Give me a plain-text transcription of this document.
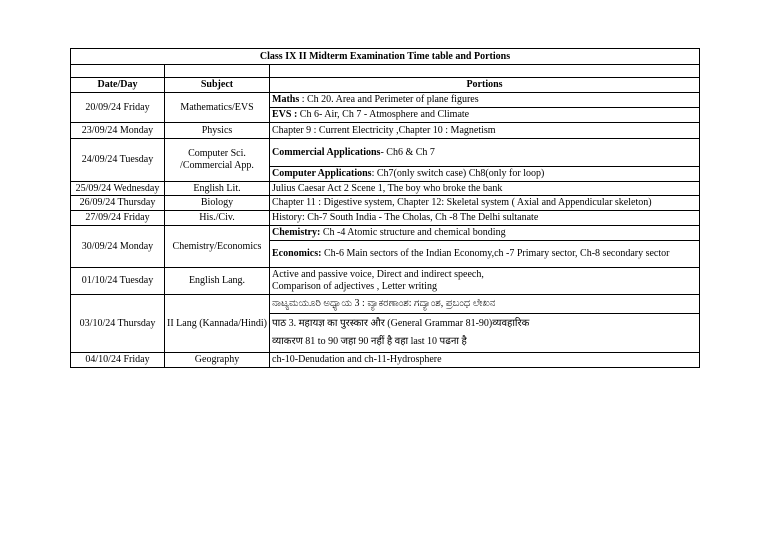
Class IX II Midterm Examination Time table and Portions		

Date/Day	Subject	Portions
20/09/24 Friday	Mathematics/EVS	Maths : Ch 20. Area and Perimeter of plane figures
		EVS : Ch 6- Air, Ch 7 - Atmosphere and Climate
23/09/24 Monday	Physics	Chapter 9 : Current Electricity ,Chapter 10 : Magnetism
24/09/24 Tuesday	Computer Sci. /Commercial App.	Commercial Applications- Ch6 & Ch 7
		Computer Applications: Ch7(only switch case) Ch8(only for loop)
25/09/24 Wednesday	English Lit.	Julius Caesar Act 2 Scene 1, The boy who broke the bank
26/09/24 Thursday	Biology	Chapter 11 : Digestive system, Chapter 12: Skeletal system ( Axial and Appendicular skeleton)
27/09/24 Friday	His./Civ.	History: Ch-7 South India - The Cholas, Ch -8 The Delhi sultanate
30/09/24 Monday	Chemistry/Economics	Chemistry: Ch -4 Atomic structure and chemical bonding
		Economics: Ch-6 Main sectors of the Indian Economy,ch -7 Primary sector, Ch-8 secondary sector
01/10/24 Tuesday	English Lang.	Active and passive voice, Direct and indirect speech,
Comparison of adjectives , Letter writing

03/10/24 Thursday	II Lang (Kannada/Hindi)	ನಾಟ್ಯಮಯೂರಿ ಅಧ್ಯಾಯ 3 : ವ್ಯಾಕರಣಾಂಶ: ಗದ್ಯಾಂಶ, ಪ್ರಬಂಧ ಲೇಖನ

		पाठ 3. महायज्ञ का पुरस्कार और (General Grammar 81-90)व्यवहारिक
व्याकरण 81 to 90 जहा 90 नहीं है वहा last 10 पढना है

04/10/24 Friday	Geography	ch-10-Denudation and ch-11-Hydrosphere
